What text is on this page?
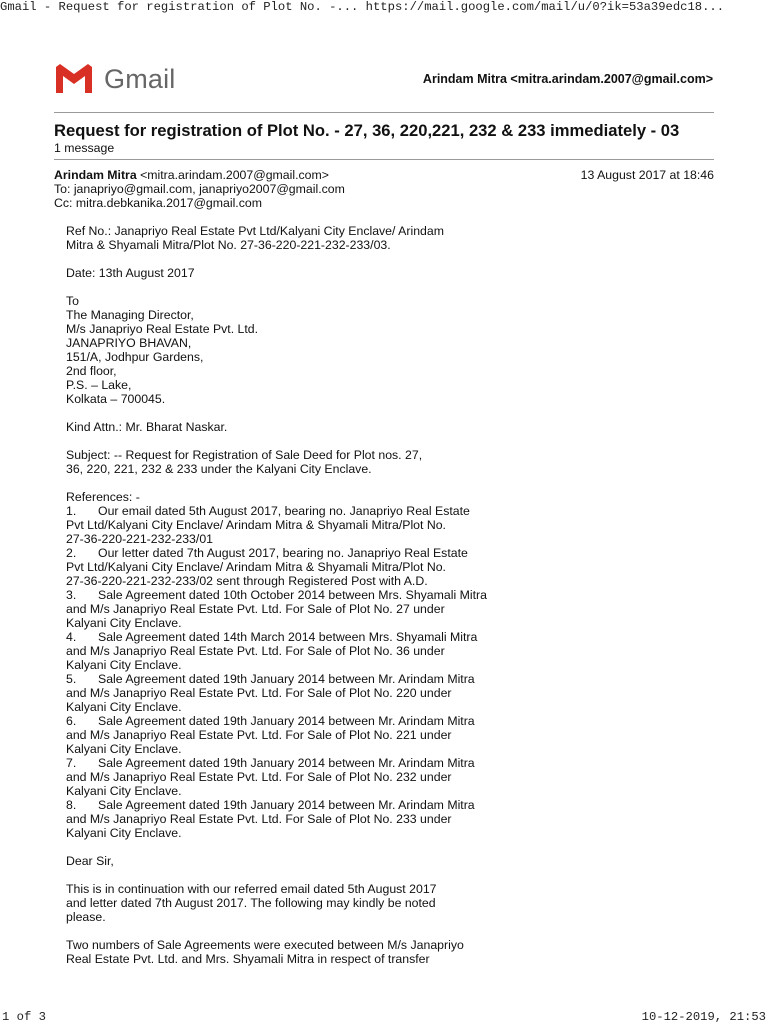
Gmail - Request for registration of Plot No. -... https://mail.google.com/mail/u/0?ik=53a39edc18...
Gmail	Arindam Mitra <mitra.arindam.2007@gmail.com>
Request for registration of Plot No. - 27, 36, 220,221, 232 & 233 immediately - 03
1 message
Arindam Mitra <mitra.arindam.2007@gmail.com>	13 August 2017 at 18:46
To: janapriyo@gmail.com, janapriyo2007@gmail.com
Cc: mitra.debkanika.2017@gmail.com

Ref No.: Janapriyo Real Estate Pvt Ltd/Kalyani City Enclave/ Arindam
Mitra & Shyamali Mitra/Plot No. 27-36-220-221-232-233/03.

Date: 13th August 2017

To
The Managing Director,
M/s Janapriyo Real Estate Pvt. Ltd.
JANAPRIYO BHAVAN,
151/A, Jodhpur Gardens,
2nd floor,
P.S. – Lake,
Kolkata – 700045.

Kind Attn.: Mr. Bharat Naskar.

Subject: -- Request for Registration of Sale Deed for Plot nos. 27,
36, 220, 221, 232 & 233 under the Kalyani City Enclave.

References: -

1. Our email dated 5th August 2017, bearing no. Janapriyo Real Estate
Pvt Ltd/Kalyani City Enclave/ Arindam Mitra & Shyamali Mitra/Plot No.
27-36-220-221-232-233/01
2. Our letter dated 7th August 2017, bearing no. Janapriyo Real Estate
Pvt Ltd/Kalyani City Enclave/ Arindam Mitra & Shyamali Mitra/Plot No.
27-36-220-221-232-233/02 sent through Registered Post with A.D.
3. Sale Agreement dated 10th October 2014 between Mrs. Shyamali Mitra
and M/s Janapriyo Real Estate Pvt. Ltd. For Sale of Plot No. 27 under
Kalyani City Enclave.
4. Sale Agreement dated 14th March 2014 between Mrs. Shyamali Mitra
and M/s Janapriyo Real Estate Pvt. Ltd. For Sale of Plot No. 36 under
Kalyani City Enclave.
5. Sale Agreement dated 19th January 2014 between Mr. Arindam Mitra
and M/s Janapriyo Real Estate Pvt. Ltd. For Sale of Plot No. 220 under
Kalyani City Enclave.
6. Sale Agreement dated 19th January 2014 between Mr. Arindam Mitra
and M/s Janapriyo Real Estate Pvt. Ltd. For Sale of Plot No. 221 under
Kalyani City Enclave.
7. Sale Agreement dated 19th January 2014 between Mr. Arindam Mitra
and M/s Janapriyo Real Estate Pvt. Ltd. For Sale of Plot No. 232 under
Kalyani City Enclave.
8. Sale Agreement dated 19th January 2014 between Mr. Arindam Mitra
and M/s Janapriyo Real Estate Pvt. Ltd. For Sale of Plot No. 233 under
Kalyani City Enclave.

Dear Sir,

This is in continuation with our referred email dated 5th August 2017
and letter dated 7th August 2017. The following may kindly be noted
please.

Two numbers of Sale Agreements were executed between M/s Janapriyo
Real Estate Pvt. Ltd. and Mrs. Shyamali Mitra in respect of transfer

1 of 3	10-12-2019, 21:53
